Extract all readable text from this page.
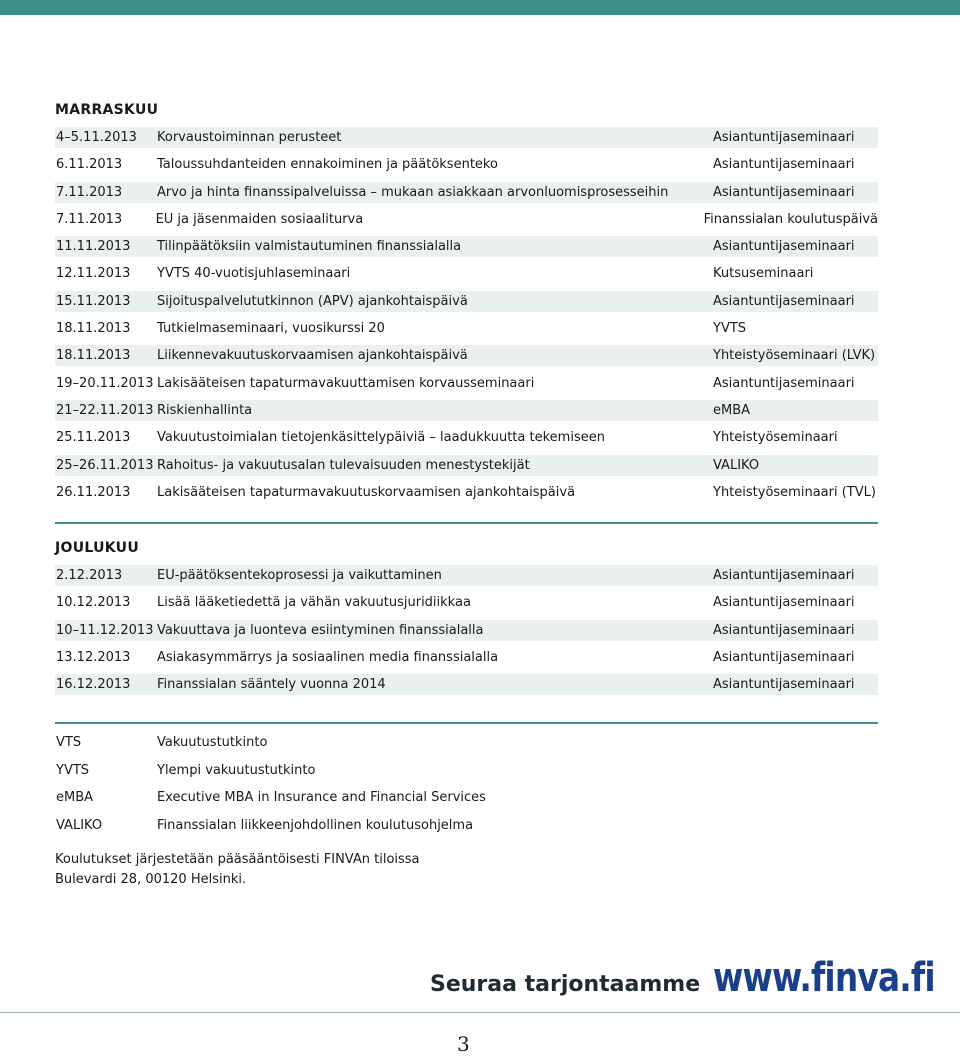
MARRASKUU
4–5.11.2013	Korvaustoiminnan perusteet	Asiantuntijaseminaari
6.11.2013	Taloussuhdanteiden ennakoiminen ja päätöksenteko	Asiantuntijaseminaari
7.11.2013	Arvo ja hinta finanssipalveluissa – mukaan asiakkaan arvonluomisprosesseihin	Asiantuntijaseminaari
7.11.2013	EU ja jäsenmaiden sosiaaliturva	Finanssialan koulutuspäivä
11.11.2013	Tilinpäätöksiin valmistautuminen finanssialalla	Asiantuntijaseminaari
12.11.2013	YVTS 40-vuotisjuhlaseminaari	Kutsuseminaari
15.11.2013	Sijoituspalvelututkinnon (APV) ajankohtaispäivä	Asiantuntijaseminaari
18.11.2013	Tutkielmaseminaari, vuosikurssi 20	YVTS
18.11.2013	Liikennevakuutuskorvaamisen ajankohtaispäivä	Yhteistyöseminaari (LVK)
19–20.11.2013 Lakisääteisen tapaturmavakuuttamisen korvausseminaari	Asiantuntijaseminaari
21–22.11.2013 Riskienhallinta	eMBA
25.11.2013	Vakuutustoimialan tietojenkäsittelypäiviä – laadukkuutta tekemiseen	Yhteistyöseminaari
25–26.11.2013 Rahoitus- ja vakuutusalan tulevaisuuden menestystekijät	VALIKO
26.11.2013	Lakisääteisen tapaturmavakuutuskorvaamisen ajankohtaispäivä	Yhteistyöseminaari (TVL)
JOULUKUU
2.12.2013	EU-päätöksentekoprosessi ja vaikuttaminen	Asiantuntijaseminaari
10.12.2013	Lisää lääketiedettä ja vähän vakuutusjuridiikkaa	Asiantuntijaseminaari
10–11.12.2013 Vakuuttava ja luonteva esiintyminen finanssialalla	Asiantuntijaseminaari
13.12.2013	Asiakasymmärrys ja sosiaalinen media finanssialalla	Asiantuntijaseminaari
16.12.2013	Finanssialan sääntely vuonna 2014	Asiantuntijaseminaari
VTS	Vakuutustutkinto
YVTS	Ylempi vakuutustutkinto
eMBA	Executive MBA in Insurance and Financial Services
VALIKO	Finanssialan liikkeenjohdollinen koulutusohjelma
Koulutukset järjestetään pääsääntöisesti FINVAn tiloissa
Bulevardi 28, 00120 Helsinki.
Seuraa tarjontaamme www.finva.fi
3
